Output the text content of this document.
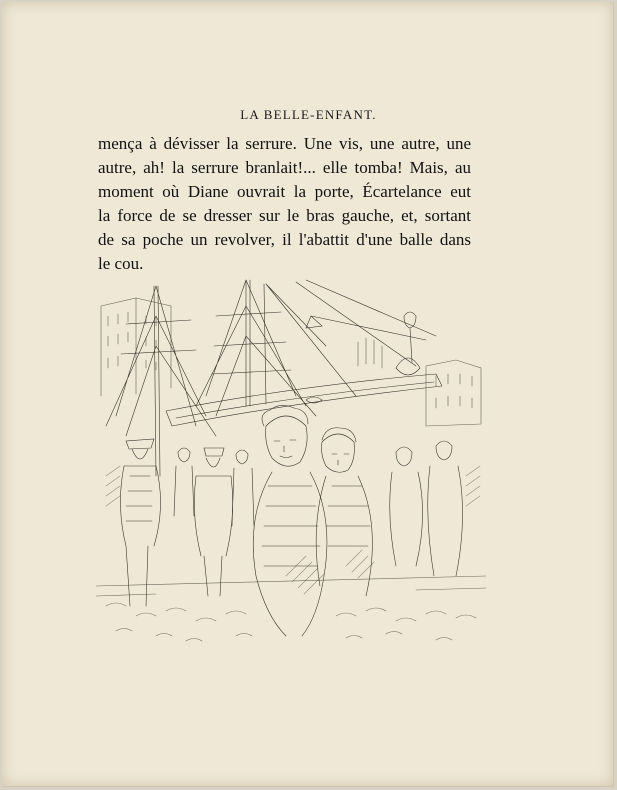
LA BELLE-ENFANT.
mença à dévisser la serrure. Une vis, une autre, une
autre, ah! la serrure branlait!... elle tomba! Mais, au
moment où Diane ouvrait la porte, Écartelance eut
la force de se dresser sur le bras gauche, et, sortant
de sa poche un revolver, il l'abattit d'une balle dans
le cou.
